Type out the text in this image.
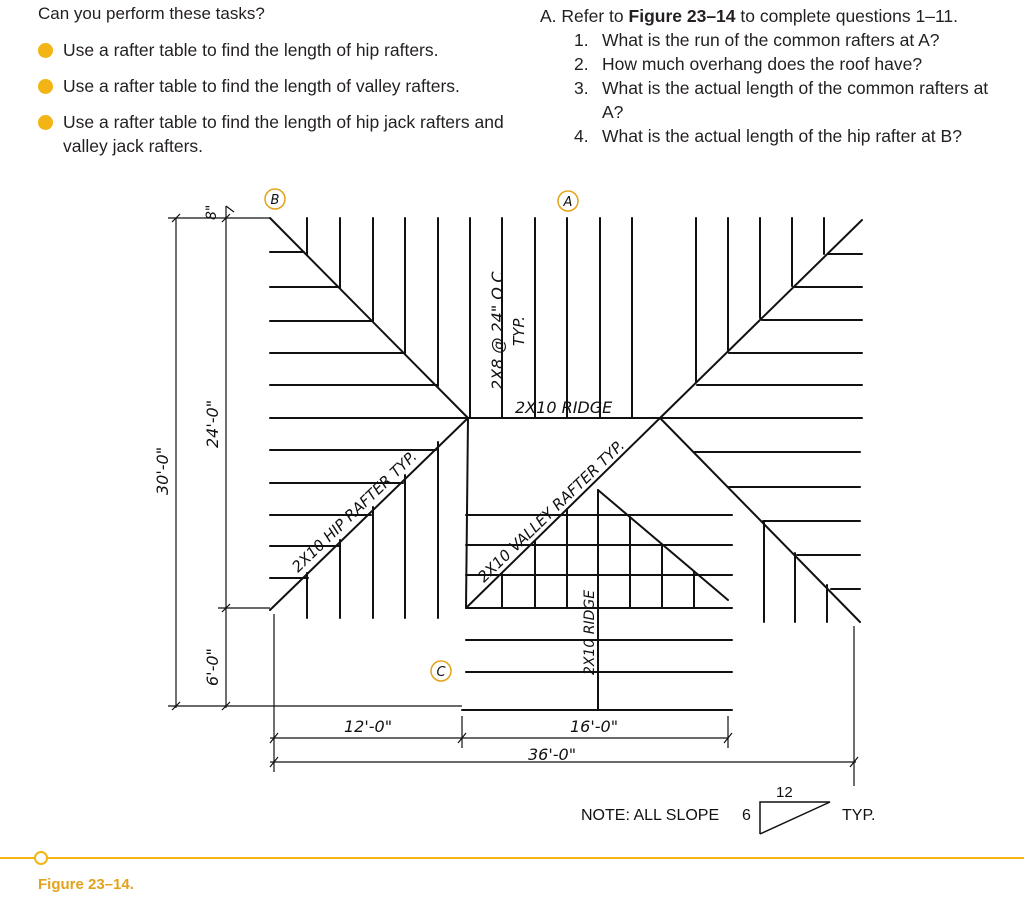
Can you perform these tasks?
Use a rafter table to find the length of hip rafters.
Use a rafter table to find the length of valley rafters.
Use a rafter table to find the length of hip jack rafters and valley jack rafters.
A. Refer to Figure 23–14 to complete questions 1–11.
1. What is the run of the common rafters at A?
2. How much overhang does the roof have?
3. What is the actual length of the common rafters at A?
4. What is the actual length of the hip rafter at B?
B	A
C
2X8 @ 24" O.C. TYP.
2X10 RIDGE
2X10 HIP RAFTER TYP.	2X10 VALLEY RAFTER TYP.
2X10 RIDGE
8"
30'-0"
24'-0"
6'-0"
12'-0"	16'-0"
36'-0"
NOTE: ALL SLOPE 6
12
TYP.
Figure 23–14.
